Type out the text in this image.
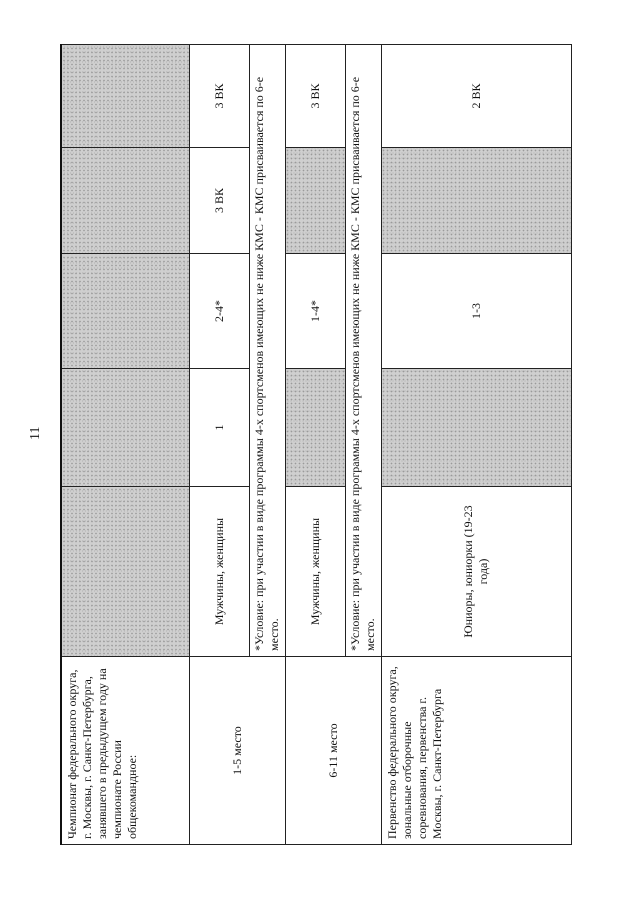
11
Чемпионат федерального округа, г. Москвы, г. Санкт-Петербурга, занявшего в предыдущем году на чемпионате России общекомандное:					
1-5 место	Мужчины, женщины	1	2-4*	3 ВК	3 ВК
	*Условие: при участии в виде программы 4-х спортсменов имеющих не ниже КМС - КМС присваивается по 6-е место.				
6-11 место	Мужчины, женщины		1-4*		3 ВК
	*Условие: при участии в виде программы 4-х спортсменов имеющих не ниже КМС - КМС присваивается по 6-е место.				
Первенство федерального округа, зональные отборочные соревнования, первенства г. Москвы, г. Санкт-Петербурга	Юниоры, юниорки (19-23 года)		1-3		2 ВК
